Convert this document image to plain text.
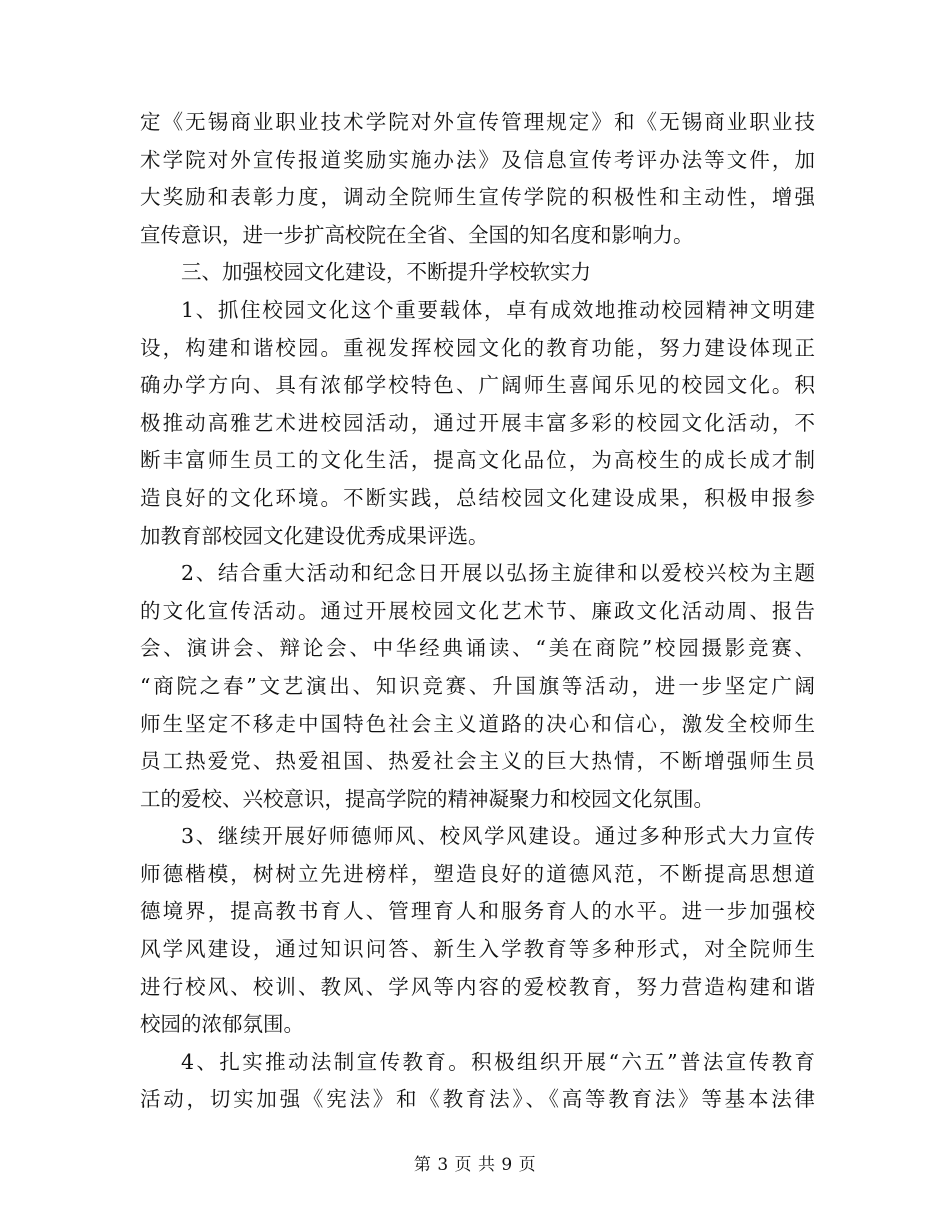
定《无锡商业职业技术学院对外宣传管理规定》和《无锡商业职业技
术学院对外宣传报道奖励实施办法》及信息宣传考评办法等文件，加
大奖励和表彰力度，调动全院师生宣传学院的积极性和主动性，增强
宣传意识，进一步扩高校院在全省、全国的知名度和影响力。
三、加强校园文化建设，不断提升学校软实力
1、抓住校园文化这个重要载体，卓有成效地推动校园精神文明建
设，构建和谐校园。重视发挥校园文化的教育功能，努力建设体现正
确办学方向、具有浓郁学校特色、广阔师生喜闻乐见的校园文化。积
极推动高雅艺术进校园活动，通过开展丰富多彩的校园文化活动，不
断丰富师生员工的文化生活，提高文化品位，为高校生的成长成才制
造良好的文化环境。不断实践，总结校园文化建设成果，积极申报参
加教育部校园文化建设优秀成果评选。
2、结合重大活动和纪念日开展以弘扬主旋律和以爱校兴校为主题
的文化宣传活动。通过开展校园文化艺术节、廉政文化活动周、报告
会、演讲会、辩论会、中华经典诵读、“美在商院”校园摄影竞赛、
“商院之春”文艺演出、知识竞赛、升国旗等活动，进一步坚定广阔
师生坚定不移走中国特色社会主义道路的决心和信心，激发全校师生
员工热爱党、热爱祖国、热爱社会主义的巨大热情，不断增强师生员
工的爱校、兴校意识，提高学院的精神凝聚力和校园文化氛围。
3、继续开展好师德师风、校风学风建设。通过多种形式大力宣传
师德楷模，树树立先进榜样，塑造良好的道德风范，不断提高思想道
德境界，提高教书育人、管理育人和服务育人的水平。进一步加强校
风学风建设，通过知识问答、新生入学教育等多种形式，对全院师生
进行校风、校训、教风、学风等内容的爱校教育，努力营造构建和谐
校园的浓郁氛围。
4、扎实推动法制宣传教育。积极组织开展“六五”普法宣传教育
活动，切实加强《宪法》和《教育法》、《高等教育法》等基本法律
第 3 页 共 9 页
